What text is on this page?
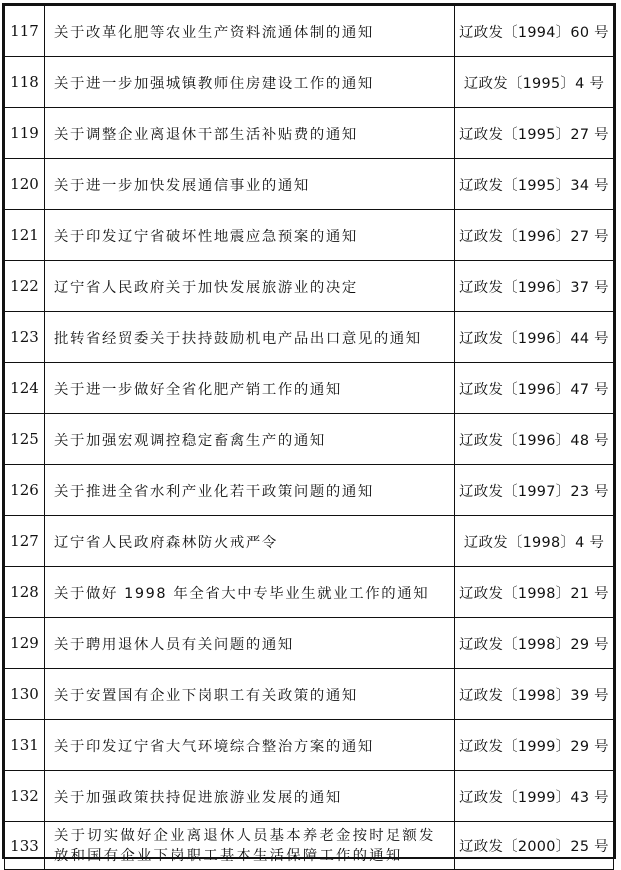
117	关于改革化肥等农业生产资料流通体制的通知	辽政发〔1994〕60 号
118	关于进一步加强城镇教师住房建设工作的通知	辽政发〔1995〕4 号
119	关于调整企业离退休干部生活补贴费的通知	辽政发〔1995〕27 号
120	关于进一步加快发展通信事业的通知	辽政发〔1995〕34 号
121	关于印发辽宁省破坏性地震应急预案的通知	辽政发〔1996〕27 号
122	辽宁省人民政府关于加快发展旅游业的决定	辽政发〔1996〕37 号
123	批转省经贸委关于扶持鼓励机电产品出口意见的通知	辽政发〔1996〕44 号
124	关于进一步做好全省化肥产销工作的通知	辽政发〔1996〕47 号
125	关于加强宏观调控稳定畜禽生产的通知	辽政发〔1996〕48 号
126	关于推进全省水利产业化若干政策问题的通知	辽政发〔1997〕23 号
127	辽宁省人民政府森林防火戒严令	辽政发〔1998〕4 号
128	关于做好 1998 年全省大中专毕业生就业工作的通知	辽政发〔1998〕21 号
129	关于聘用退休人员有关问题的通知	辽政发〔1998〕29 号
130	关于安置国有企业下岗职工有关政策的通知	辽政发〔1998〕39 号
131	关于印发辽宁省大气环境综合整治方案的通知	辽政发〔1999〕29 号
132	关于加强政策扶持促进旅游业发展的通知	辽政发〔1999〕43 号
133	关于切实做好企业离退休人员基本养老金按时足额发
放和国有企业下岗职工基本生活保障工作的通知	辽政发〔2000〕25 号
